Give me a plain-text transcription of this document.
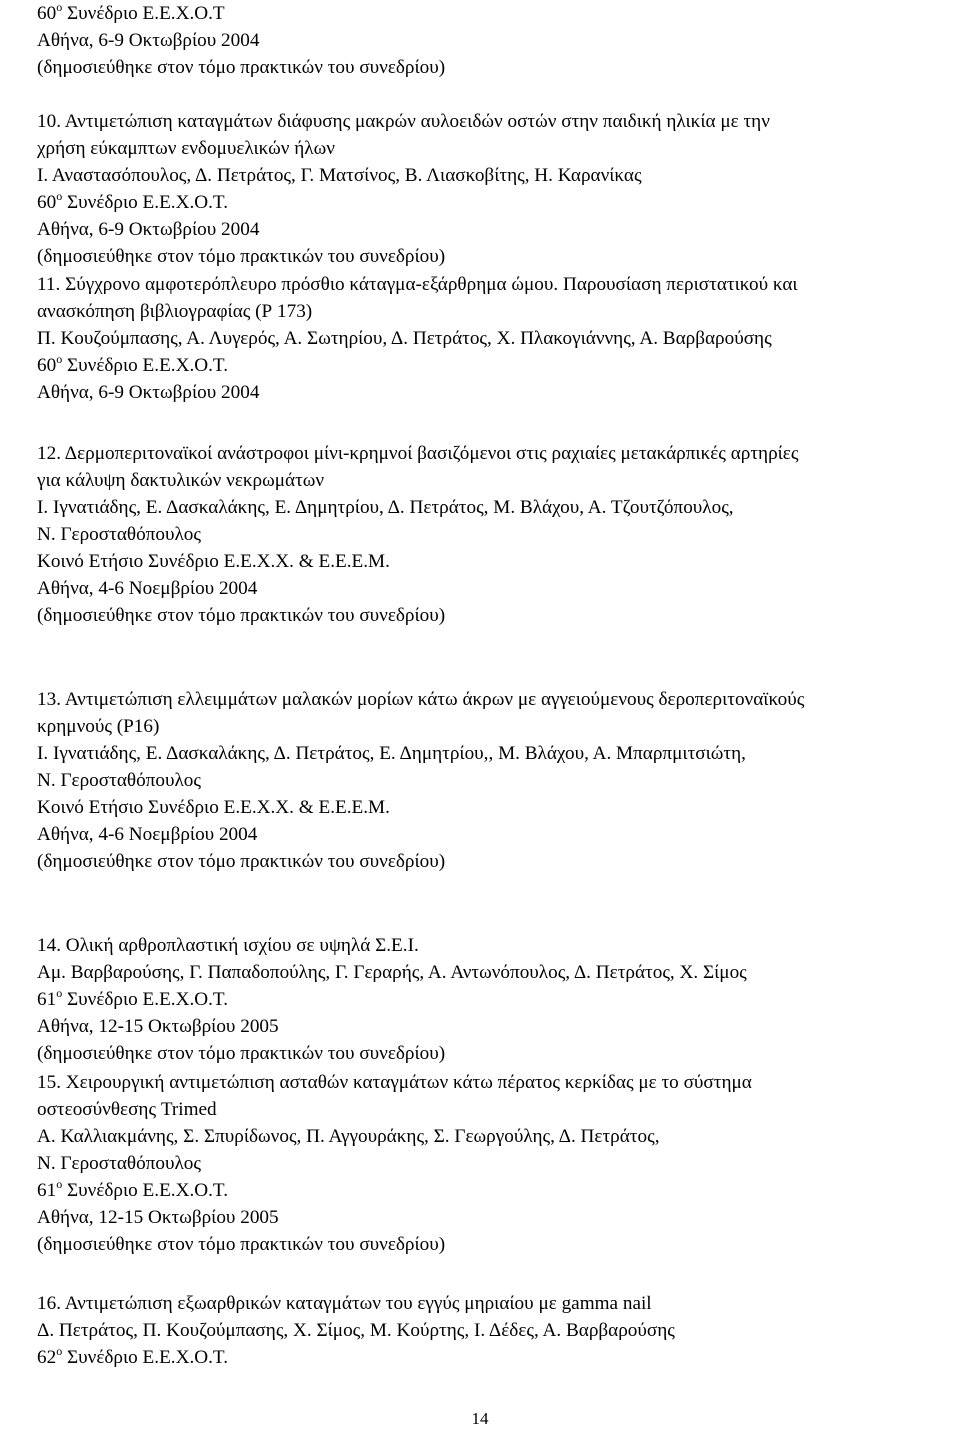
$60^o$ Συνέδριο Ε.Ε.Χ.Ο.Τ
Αθήνα, 6-9 Οκτωβρίου 2004
(δημοσιεύθηκε στον τόμο πρακτικών του συνεδρίου)
10. Αντιμετώπιση καταγμάτων διάφυσης μακρών αυλοειδών οστών στην παιδική ηλικία με την
χρήση εύκαμπτων ενδομυελικών ήλων
Ι. Αναστασόπουλος, Δ. Πετράτος, Γ. Ματσίνος, Β. Λιασκοβίτης, Η. Καρανίκας
$60^o$ Συνέδριο Ε.Ε.Χ.Ο.Τ.
Αθήνα, 6-9 Οκτωβρίου 2004
(δημοσιεύθηκε στον τόμο πρακτικών του συνεδρίου)
11. Σύγχρονο αμφοτερόπλευρο πρόσθιο κάταγμα-εξάρθρημα ώμου. Παρουσίαση περιστατικού και
ανασκόπηση βιβλιογραφίας (Ρ 173)
Π. Κουζούμπασης, Α. Λυγερός, Α. Σωτηρίου, Δ. Πετράτος, Χ. Πλακογιάννης, Α. Βαρβαρούσης
$60^o$ Συνέδριο Ε.Ε.Χ.Ο.Τ.
Αθήνα, 6-9 Οκτωβρίου 2004
12. Δερμοπεριτοναϊκοί ανάστροφοι μίνι-κρημνοί βασιζόμενοι στις ραχιαίες μετακάρπικές αρτηρίες
για κάλυψη δακτυλικών νεκρωμάτων
Ι. Ιγνατιάδης, Ε. Δασκαλάκης, Ε. Δημητρίου, Δ. Πετράτος, Μ. Βλάχου, Α. Τζουτζόπουλος,
Ν. Γεροσταθόπουλος
Κοινό Ετήσιο Συνέδριο Ε.Ε.Χ.Χ. & Ε.Ε.Ε.Μ.
Αθήνα, 4-6 Νοεμβρίου 2004
(δημοσιεύθηκε στον τόμο πρακτικών του συνεδρίου)
13. Αντιμετώπιση ελλειμμάτων μαλακών μορίων κάτω άκρων με αγγειούμενους δεροπεριτοναϊκούς
κρημνούς (Ρ16)
Ι. Ιγνατιάδης, Ε. Δασκαλάκης, Δ. Πετράτος, Ε. Δημητρίου,, Μ. Βλάχου, Α. Μπαρπμιτσιώτη,
Ν. Γεροσταθόπουλος
Κοινό Ετήσιο Συνέδριο Ε.Ε.Χ.Χ. & Ε.Ε.Ε.Μ.
Αθήνα, 4-6 Νοεμβρίου 2004
(δημοσιεύθηκε στον τόμο πρακτικών του συνεδρίου)
14. Ολική αρθροπλαστική ισχίου σε υψηλά Σ.Ε.Ι.
Αμ. Βαρβαρούσης, Γ. Παπαδοπούλης, Γ. Γεραρής, Α. Αντωνόπουλος, Δ. Πετράτος, Χ. Σίμος
$61^o$ Συνέδριο Ε.Ε.Χ.Ο.Τ.
Αθήνα, 12-15 Οκτωβρίου 2005
(δημοσιεύθηκε στον τόμο πρακτικών του συνεδρίου)
15. Χειρουργική αντιμετώπιση ασταθών καταγμάτων κάτω πέρατος κερκίδας με το σύστημα
οστεοσύνθεσης Trimed
Α. Καλλιακμάνης, Σ. Σπυρίδωνος, Π. Αγγουράκης, Σ. Γεωργούλης, Δ. Πετράτος,
Ν. Γεροσταθόπουλος
$61^o$ Συνέδριο Ε.Ε.Χ.Ο.Τ.
Αθήνα, 12-15 Οκτωβρίου 2005
(δημοσιεύθηκε στον τόμο πρακτικών του συνεδρίου)
16. Αντιμετώπιση εξωαρθρικών καταγμάτων του εγγύς μηριαίου με gamma nail
Δ. Πετράτος, Π. Κουζούμπασης, Χ. Σίμος, Μ. Κούρτης, Ι. Δέδες, Α. Βαρβαρούσης
$62^o$ Συνέδριο Ε.Ε.Χ.Ο.Τ.
14
